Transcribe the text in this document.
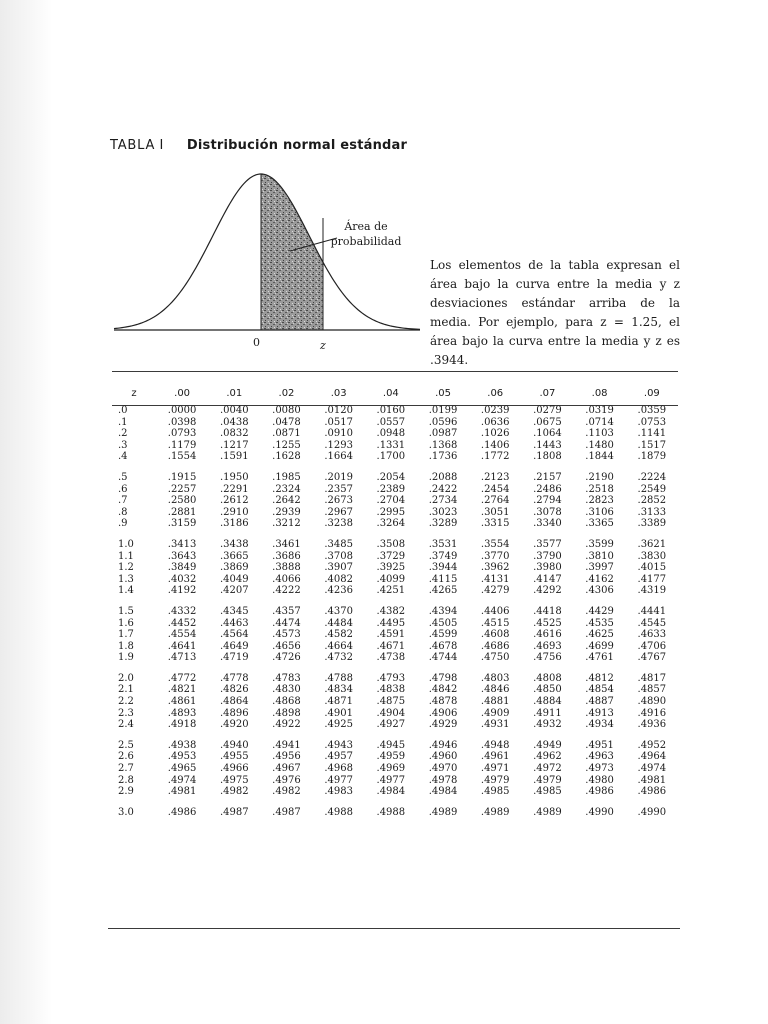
TABLA I Distribución normal estándar
Área de
probabilidad
0	z
Los elementos de la tabla expresan el área bajo la curva entre la media y z desviaciones estándar arriba de la media. Por ejemplo, para z = 1.25, el área bajo la curva entre la media y z es .3944.
z	.00	.01	.02	.03	.04	.05	.06	.07	.08	.09
.0	.0000	.0040	.0080	.0120	.0160	.0199	.0239	.0279	.0319	.0359
.1	.0398	.0438	.0478	.0517	.0557	.0596	.0636	.0675	.0714	.0753
.2	.0793	.0832	.0871	.0910	.0948	.0987	.1026	.1064	.1103	.1141
.3	.1179	.1217	.1255	.1293	.1331	.1368	.1406	.1443	.1480	.1517
.4	.1554	.1591	.1628	.1664	.1700	.1736	.1772	.1808	.1844	.1879

.5	.1915	.1950	.1985	.2019	.2054	.2088	.2123	.2157	.2190	.2224
.6	.2257	.2291	.2324	.2357	.2389	.2422	.2454	.2486	.2518	.2549
.7	.2580	.2612	.2642	.2673	.2704	.2734	.2764	.2794	.2823	.2852
.8	.2881	.2910	.2939	.2967	.2995	.3023	.3051	.3078	.3106	.3133
.9	.3159	.3186	.3212	.3238	.3264	.3289	.3315	.3340	.3365	.3389

1.0	.3413	.3438	.3461	.3485	.3508	.3531	.3554	.3577	.3599	.3621
1.1	.3643	.3665	.3686	.3708	.3729	.3749	.3770	.3790	.3810	.3830
1.2	.3849	.3869	.3888	.3907	.3925	.3944	.3962	.3980	.3997	.4015
1.3	.4032	.4049	.4066	.4082	.4099	.4115	.4131	.4147	.4162	.4177
1.4	.4192	.4207	.4222	.4236	.4251	.4265	.4279	.4292	.4306	.4319

1.5	.4332	.4345	.4357	.4370	.4382	.4394	.4406	.4418	.4429	.4441
1.6	.4452	.4463	.4474	.4484	.4495	.4505	.4515	.4525	.4535	.4545
1.7	.4554	.4564	.4573	.4582	.4591	.4599	.4608	.4616	.4625	.4633
1.8	.4641	.4649	.4656	.4664	.4671	.4678	.4686	.4693	.4699	.4706
1.9	.4713	.4719	.4726	.4732	.4738	.4744	.4750	.4756	.4761	.4767

2.0	.4772	.4778	.4783	.4788	.4793	.4798	.4803	.4808	.4812	.4817
2.1	.4821	.4826	.4830	.4834	.4838	.4842	.4846	.4850	.4854	.4857
2.2	.4861	.4864	.4868	.4871	.4875	.4878	.4881	.4884	.4887	.4890
2.3	.4893	.4896	.4898	.4901	.4904	.4906	.4909	.4911	.4913	.4916
2.4	.4918	.4920	.4922	.4925	.4927	.4929	.4931	.4932	.4934	.4936

2.5	.4938	.4940	.4941	.4943	.4945	.4946	.4948	.4949	.4951	.4952
2.6	.4953	.4955	.4956	.4957	.4959	.4960	.4961	.4962	.4963	.4964
2.7	.4965	.4966	.4967	.4968	.4969	.4970	.4971	.4972	.4973	.4974
2.8	.4974	.4975	.4976	.4977	.4977	.4978	.4979	.4979	.4980	.4981
2.9	.4981	.4982	.4982	.4983	.4984	.4984	.4985	.4985	.4986	.4986

3.0	.4986	.4987	.4987	.4988	.4988	.4989	.4989	.4989	.4990	.4990
